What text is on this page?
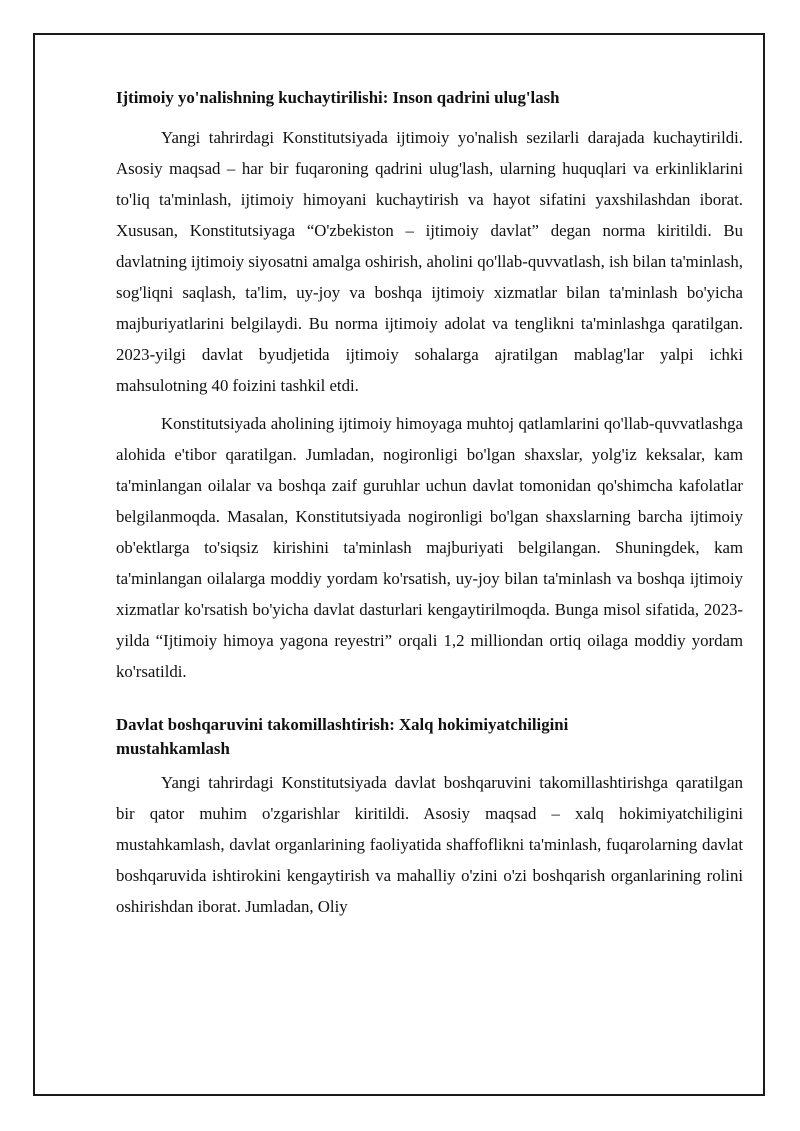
Ijtimoiy yo'nalishning kuchaytirilishi: Inson qadrini ulug'lash

Yangi tahrirdagi Konstitutsiyada ijtimoiy yo'nalish sezilarli darajada kuchaytirildi. Asosiy maqsad – har bir fuqaroning qadrini ulug'lash, ularning huquqlari va erkinliklarini to'liq ta'minlash, ijtimoiy himoyani kuchaytirish va hayot sifatini yaxshilashdan iborat. Xususan, Konstitutsiyaga “O'zbekiston – ijtimoiy davlat” degan norma kiritildi. Bu davlatning ijtimoiy siyosatni amalga oshirish, aholini qo'llab-quvvatlash, ish bilan ta'minlash, sog'liqni saqlash, ta'lim, uy-joy va boshqa ijtimoiy xizmatlar bilan ta'minlash bo'yicha majburiyatlarini belgilaydi. Bu norma ijtimoiy adolat va tenglikni ta'minlashga qaratilgan. 2023-yilgi davlat byudjetida ijtimoiy sohalarga ajratilgan mablag'lar yalpi ichki mahsulotning 40 foizini tashkil etdi.

Konstitutsiyada aholining ijtimoiy himoyaga muhtoj qatlamlarini qo'llab-quvvatlashga alohida e'tibor qaratilgan. Jumladan, nogironligi bo'lgan shaxslar, yolg'iz keksalar, kam ta'minlangan oilalar va boshqa zaif guruhlar uchun davlat tomonidan qo'shimcha kafolatlar belgilanmoqda. Masalan, Konstitutsiyada nogironligi bo'lgan shaxslarning barcha ijtimoiy ob'ektlarga to'siqsiz kirishini ta'minlash majburiyati belgilangan. Shuningdek, kam ta'minlangan oilalarga moddiy yordam ko'rsatish, uy-joy bilan ta'minlash va boshqa ijtimoiy xizmatlar ko'rsatish bo'yicha davlat dasturlari kengaytirilmoqda. Bunga misol sifatida, 2023-yilda “Ijtimoiy himoya yagona reyestri” orqali 1,2 milliondan ortiq oilaga moddiy yordam ko'rsatildi.

Davlat boshqaruvini takomillashtirish: Xalq hokimiyatchiligini mustahkamlash

Yangi tahrirdagi Konstitutsiyada davlat boshqaruvini takomillashtirishga qaratilgan bir qator muhim o'zgarishlar kiritildi. Asosiy maqsad – xalq hokimiyatchiligini mustahkamlash, davlat organlarining faoliyatida shaffoflikni ta'minlash, fuqarolarning davlat boshqaruvida ishtirokini kengaytirish va mahalliy o'zini o'zi boshqarish organlarining rolini oshirishdan iborat. Jumladan, Oliy
